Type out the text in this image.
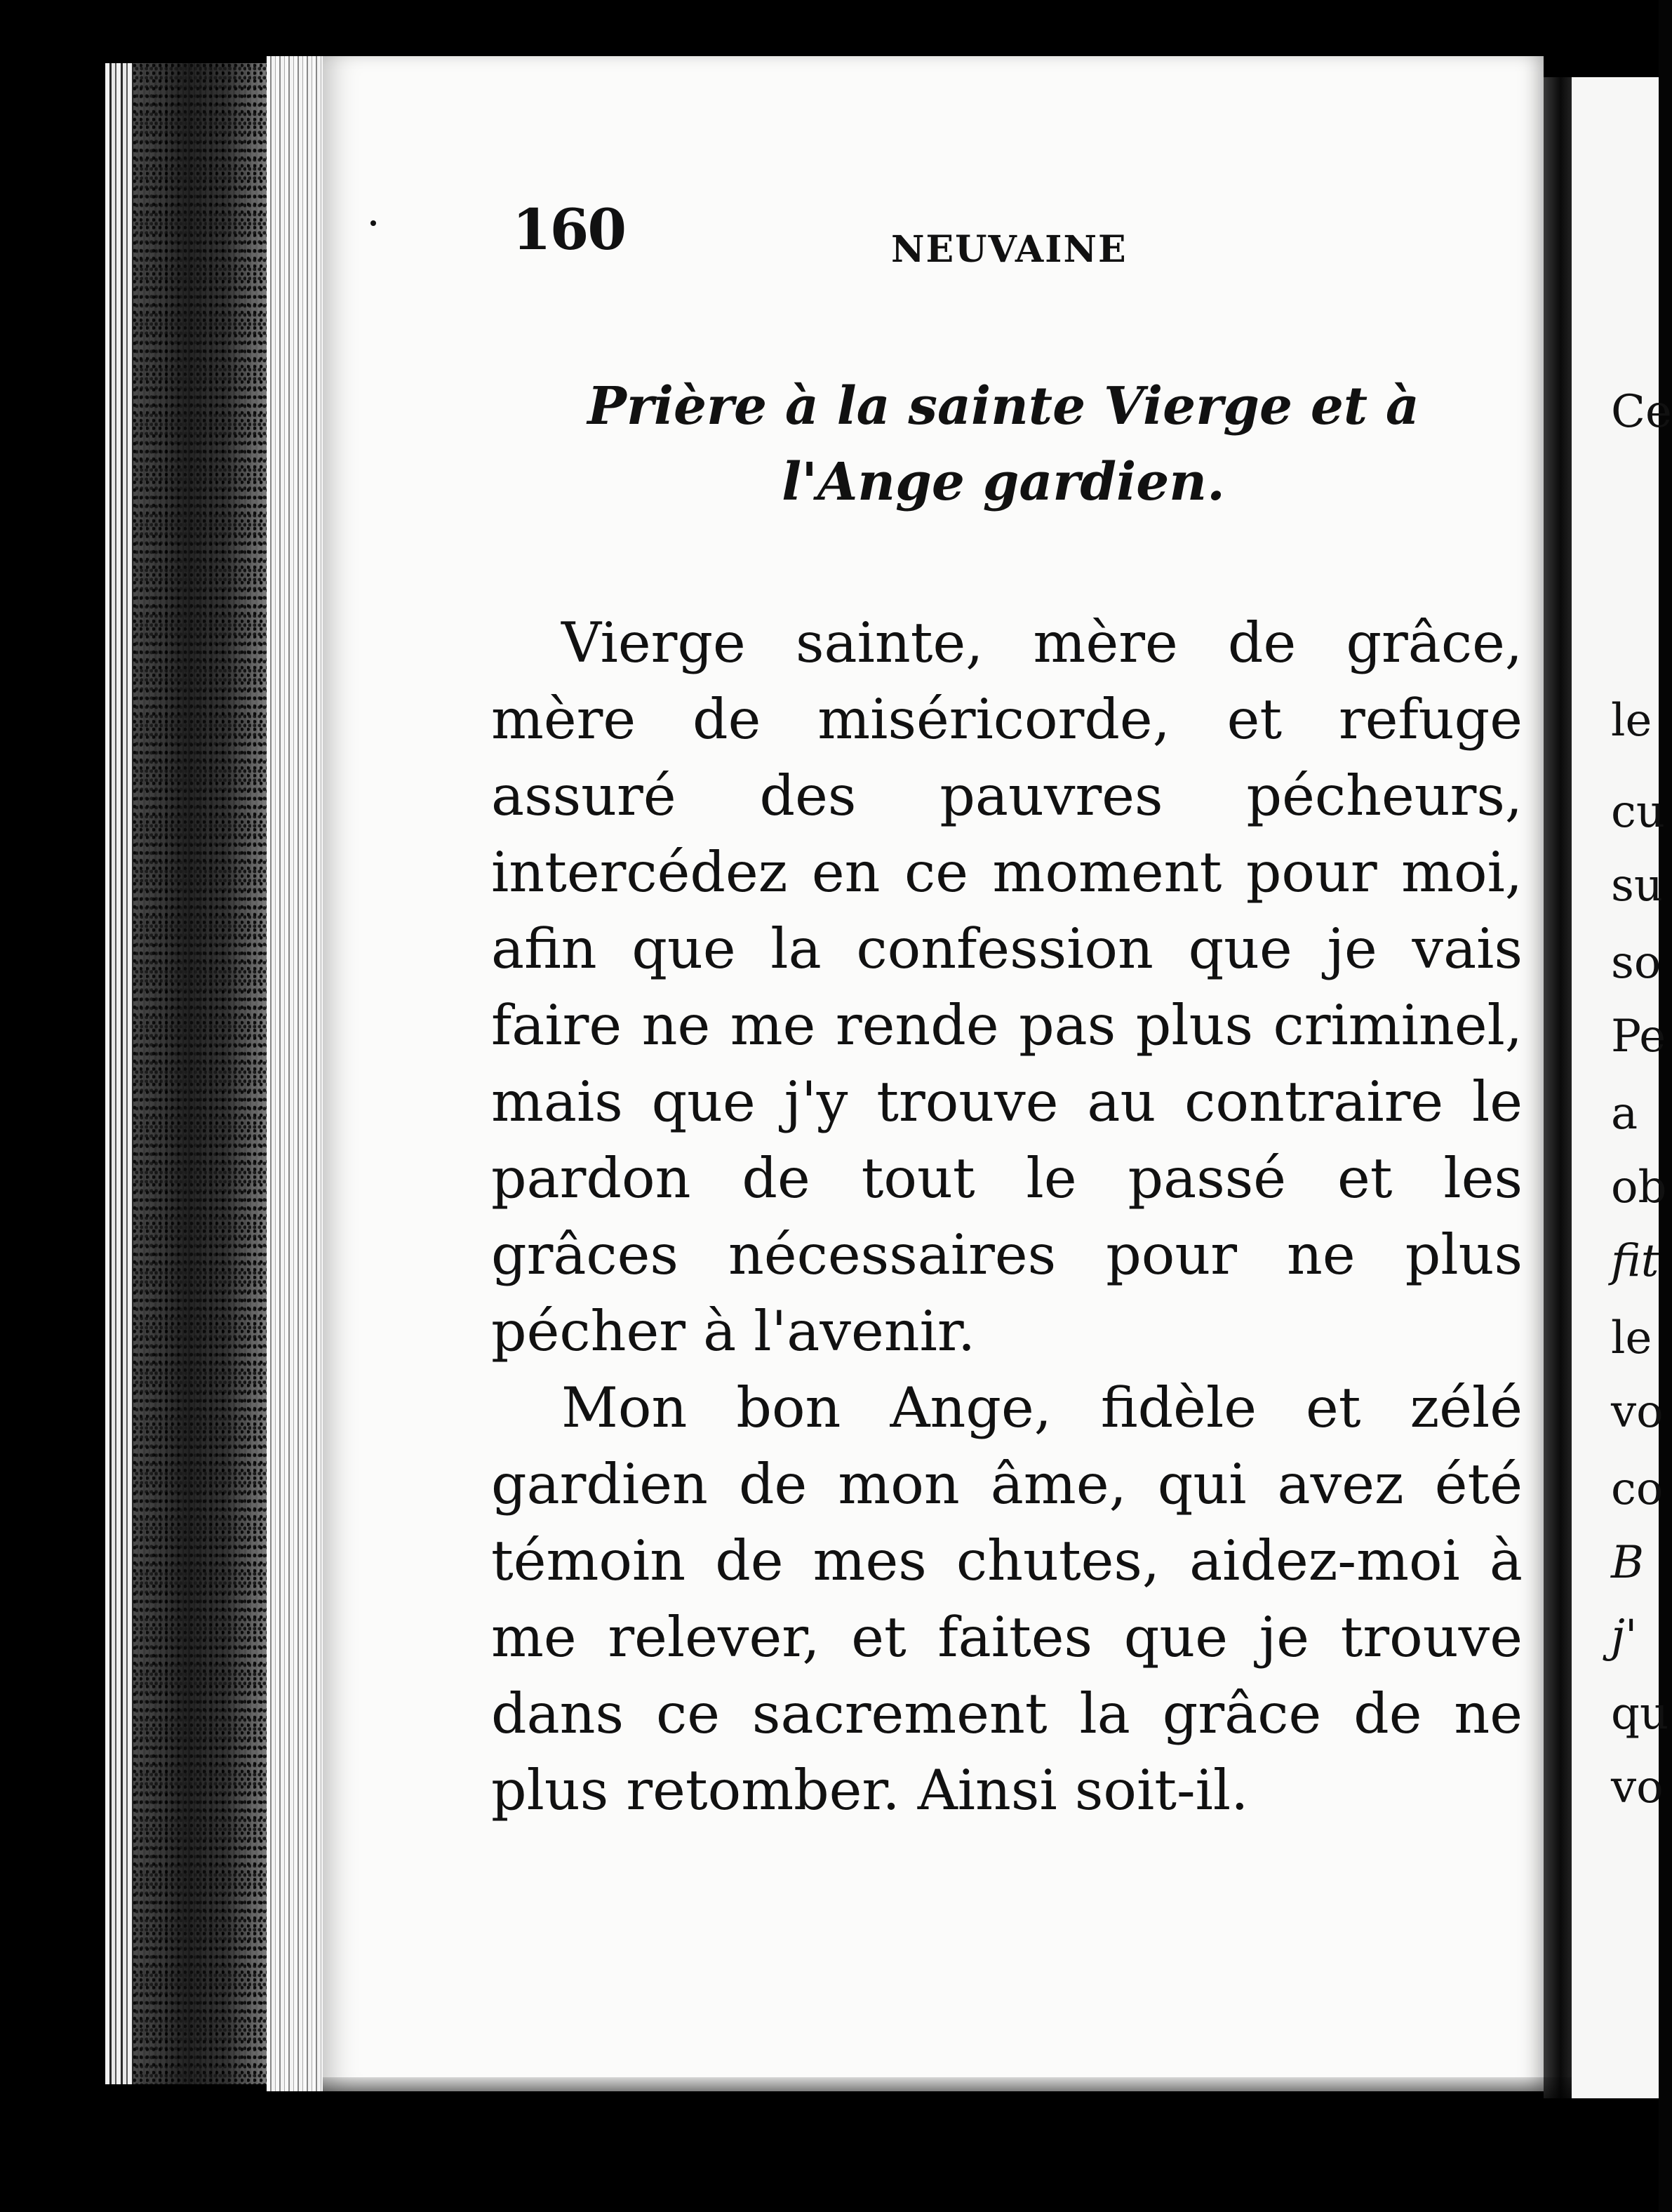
Ce
le
cu
su
so
Pe
a
ob
fit
le
vo
co
B
j'
qu
vo
160	NEUVAINE
Prière à la sainte Vierge et à l'Ange gardien.

Vierge sainte, mère de grâce, mère de miséricorde, et refuge assuré des pauvres pécheurs, intercédez en ce moment pour moi, afin que la confession que je vais faire ne me rende pas plus criminel, mais que j'y trouve au contraire le pardon de tout le passé et les grâces nécessaires pour ne plus pécher à l'avenir.

Mon bon Ange, fidèle et zélé gardien de mon âme, qui avez été témoin de mes chutes, aidez-moi à me relever, et faites que je trouve dans ce sacrement la grâce de ne plus retomber. Ainsi soit-il.
